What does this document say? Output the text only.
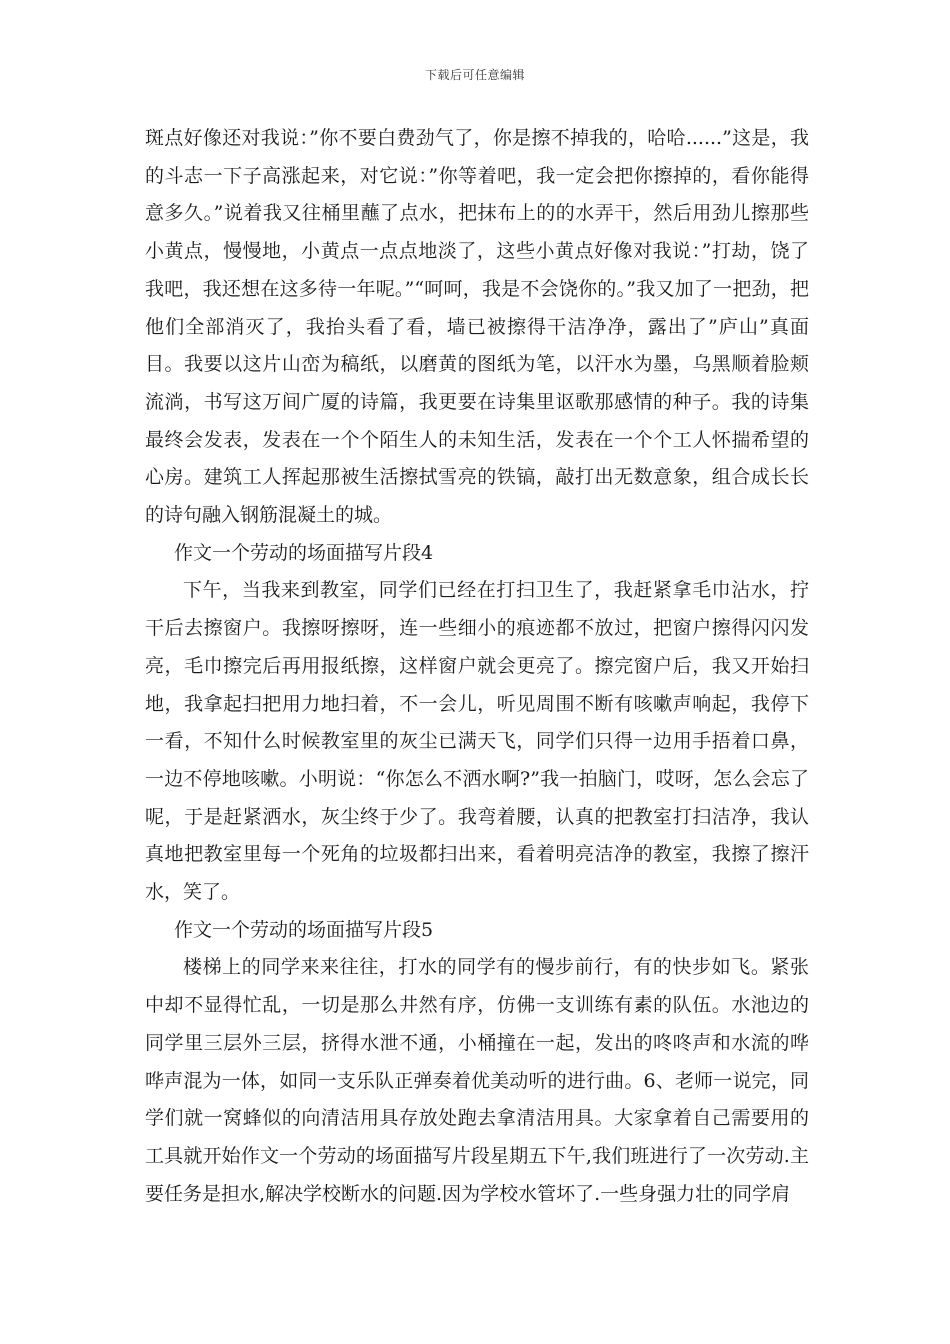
下载后可任意编辑

斑点好像还对我说：”你不要白费劲气了，你是擦不掉我的，哈哈......”这是，我的斗志一下子高涨起来，对它说：”你等着吧，我一定会把你擦掉的，看你能得意多久。”说着我又往桶里蘸了点水，把抹布上的的水弄干，然后用劲儿擦那些小黄点，慢慢地，小黄点一点点地淡了，这些小黄点好像对我说：”打劫，饶了我吧，我还想在这多待一年呢。”“呵呵，我是不会饶你的。”我又加了一把劲，把他们全部消灭了，我抬头看了看，墙已被擦得干洁净净，露出了”庐山”真面目。我要以这片山峦为稿纸，以磨黄的图纸为笔，以汗水为墨，乌黑顺着脸颊流淌，书写这万间广厦的诗篇，我更要在诗集里讴歌那感情的种子。我的诗集最终会发表，发表在一个个陌生人的未知生活，发表在一个个工人怀揣希望的心房。建筑工人挥起那被生活擦拭雪亮的铁镐，敲打出无数意象，组合成长长的诗句融入钢筋混凝土的城。

作文一个劳动的场面描写片段4

下午，当我来到教室，同学们已经在打扫卫生了，我赶紧拿毛巾沾水，拧干后去擦窗户。我擦呀擦呀，连一些细小的痕迹都不放过，把窗户擦得闪闪发亮，毛巾擦完后再用报纸擦，这样窗户就会更亮了。擦完窗户后，我又开始扫地，我拿起扫把用力地扫着，不一会儿，听见周围不断有咳嗽声响起，我停下一看，不知什么时候教室里的灰尘已满天飞，同学们只得一边用手捂着口鼻，一边不停地咳嗽。小明说：“你怎么不洒水啊?”我一拍脑门，哎呀，怎么会忘了呢，于是赶紧洒水，灰尘终于少了。我弯着腰，认真的把教室打扫洁净，我认真地把教室里每一个死角的垃圾都扫出来，看着明亮洁净的教室，我擦了擦汗水，笑了。

作文一个劳动的场面描写片段5

楼梯上的同学来来往往，打水的同学有的慢步前行，有的快步如飞。紧张中却不显得忙乱，一切是那么井然有序，仿佛一支训练有素的队伍。水池边的同学里三层外三层，挤得水泄不通，小桶撞在一起，发出的咚咚声和水流的哗哗声混为一体，如同一支乐队正弹奏着优美动听的进行曲。6、老师一说完，同学们就一窝蜂似的向清洁用具存放处跑去拿清洁用具。大家拿着自己需要用的工具就开始作文一个劳动的场面描写片段星期五下午,我们班进行了一次劳动.主要任务是担水,解决学校断水的问题.因为学校水管坏了.一些身强力壮的同学肩
